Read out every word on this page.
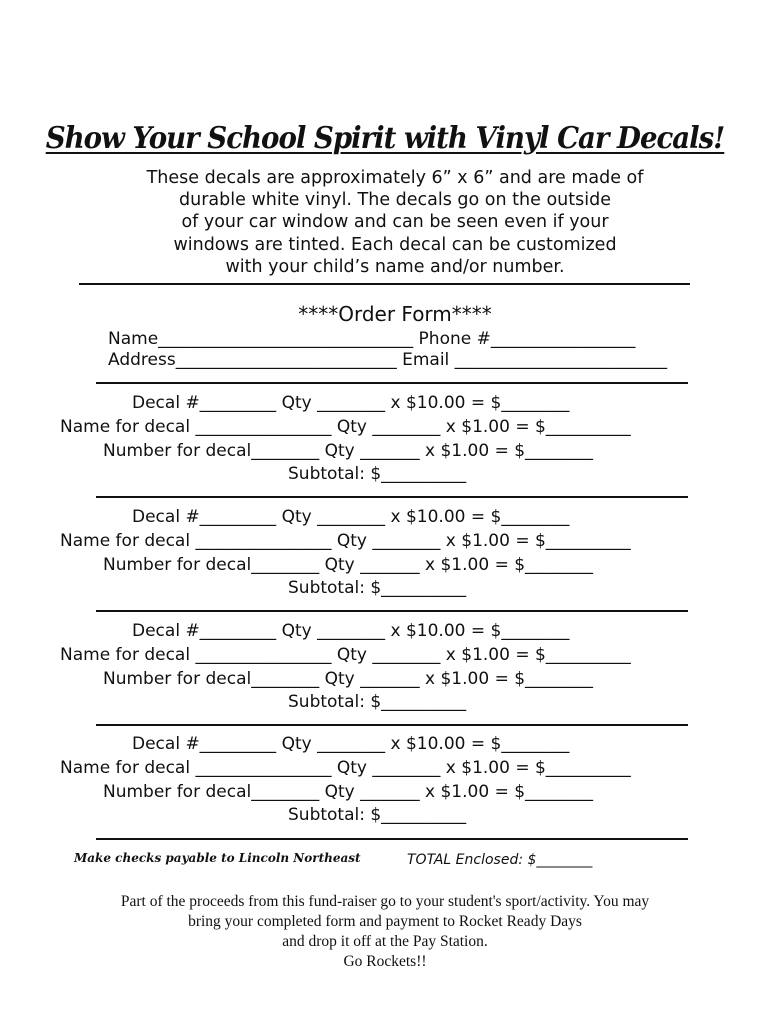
Show Your School Spirit with Vinyl Car Decals!
These decals are approximately 6” x 6” and are made of
durable white vinyl. The decals go on the outside
of your car window and can be seen even if your
windows are tinted. Each decal can be customized
with your child’s name and/or number.
****Order Form****
Name______________________________ Phone #_________________
Address__________________________ Email _________________________
Decal #_________ Qty ________ x $10.00 = $________
Name for decal ________________ Qty ________ x $1.00 = $__________
Number for decal________ Qty _______ x $1.00 = $________
Subtotal: $__________
Decal #_________ Qty ________ x $10.00 = $________
Name for decal ________________ Qty ________ x $1.00 = $__________
Number for decal________ Qty _______ x $1.00 = $________
Subtotal: $__________
Decal #_________ Qty ________ x $10.00 = $________
Name for decal ________________ Qty ________ x $1.00 = $__________
Number for decal________ Qty _______ x $1.00 = $________
Subtotal: $__________
Decal #_________ Qty ________ x $10.00 = $________
Name for decal ________________ Qty ________ x $1.00 = $__________
Number for decal________ Qty _______ x $1.00 = $________
Subtotal: $__________
Make checks payable to Lincoln Northeast	TOTAL Enclosed: $________
Part of the proceeds from this fund-raiser go to your student's sport/activity. You may
bring your completed form and payment to Rocket Ready Days
and drop it off at the Pay Station.
Go Rockets!!
